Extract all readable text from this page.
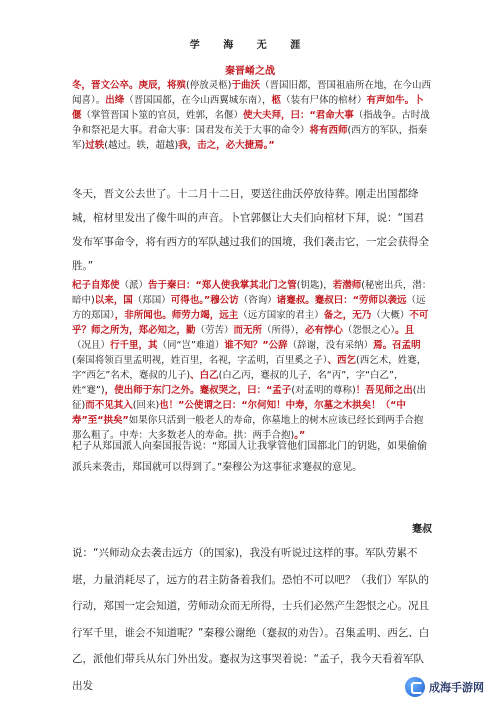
学 海 无 涯
秦晋崤之战
冬，晋文公卒。庚辰，将殡(停放灵柩)于曲沃（晋国旧都，晋国祖庙所在地，在今山西闻喜）。出绛（晋国国都，在今山西翼城东南），柩（装有尸体的棺材）有声如牛。卜偃（掌管晋国卜筮的官员，姓郭，名偃）使大夫拜，曰：“君命大事（指战争。古时战争和祭祀是大事。君命大事：国君发布关于大事的命令）将有西师(西方的军队，指秦军)过轶(越过。轶，超越)我，击之，必大捷焉。”
冬天，晋文公去世了。十二月十二日，要送往曲沃停放待葬。刚走出国都绛城，棺材里发出了像牛叫的声音。卜官郭偃让大夫们向棺材下拜，说：“国君发布军事命令，将有西方的军队越过我们的国境，我们袭击它，一定会获得全胜。”
杞子自郑使（派）告于秦曰：“郑人使我掌其北门之管(钥匙)，若潜师(秘密出兵，潜：暗中)以来，国（郑国）可得也。”穆公访（咨询）诸蹇叔。蹇叔曰：“劳师以袭远（远方的郑国），非所闻也。师劳力竭，远主（远方国家的君主）备之，无乃（大概）不可乎？师之所为，郑必知之，勤（劳苦）而无所（所得），必有悖心（怨恨之心）。且（况且）行千里，其（同“岂”难道）谁不知？”公辞（辞谢，没有采纳）焉。召孟明(秦国将领百里孟明视，姓百里，名视，字孟明，百里奚之子）、西乞(西乞术，姓蹇，字“西乞”名术，蹇叔的儿子)、白乙(白乙丙，蹇叔的儿子，名“丙”，字“白乙”，姓“蹇”)，使出师于东门之外。蹇叔哭之，曰：“孟子(对孟明的尊称)！吾见师之出(出征)而不见其入(回来)也！”公使谓之曰：“尔何知！中寿，尔墓之木拱矣！（“中寿”至“拱矣”如果你只活到一般老人的寿命，你墓地上的树木应该已经长到两手合抱那么粗了。中寿：大多数老人的寿命。拱：两手合抱)。”
杞子从郑国派人向秦国报告说：“郑国人让我掌管他们国都北门的钥匙，如果偷偷派兵来袭击，郑国就可以得到了。”秦穆公为这事征求蹇叔的意见。
蹇叔
说：“兴师动众去袭击远方（的国家)，我没有听说过这样的事。军队劳累不堪，力量消耗尽了，远方的君主防备着我们。恐怕不可以吧？（我们）军队的行动，郑国一定会知道，劳师动众而无所得，士兵们必然产生怨恨之心。况且行军千里，谁会不知道呢？”秦穆公谢绝（蹇叔的劝告）。召集孟明、西乞、白乙，派他们带兵从东门外出发。蹇叔为这事哭着说：“孟子，我今天看着军队出发	成海手游网
